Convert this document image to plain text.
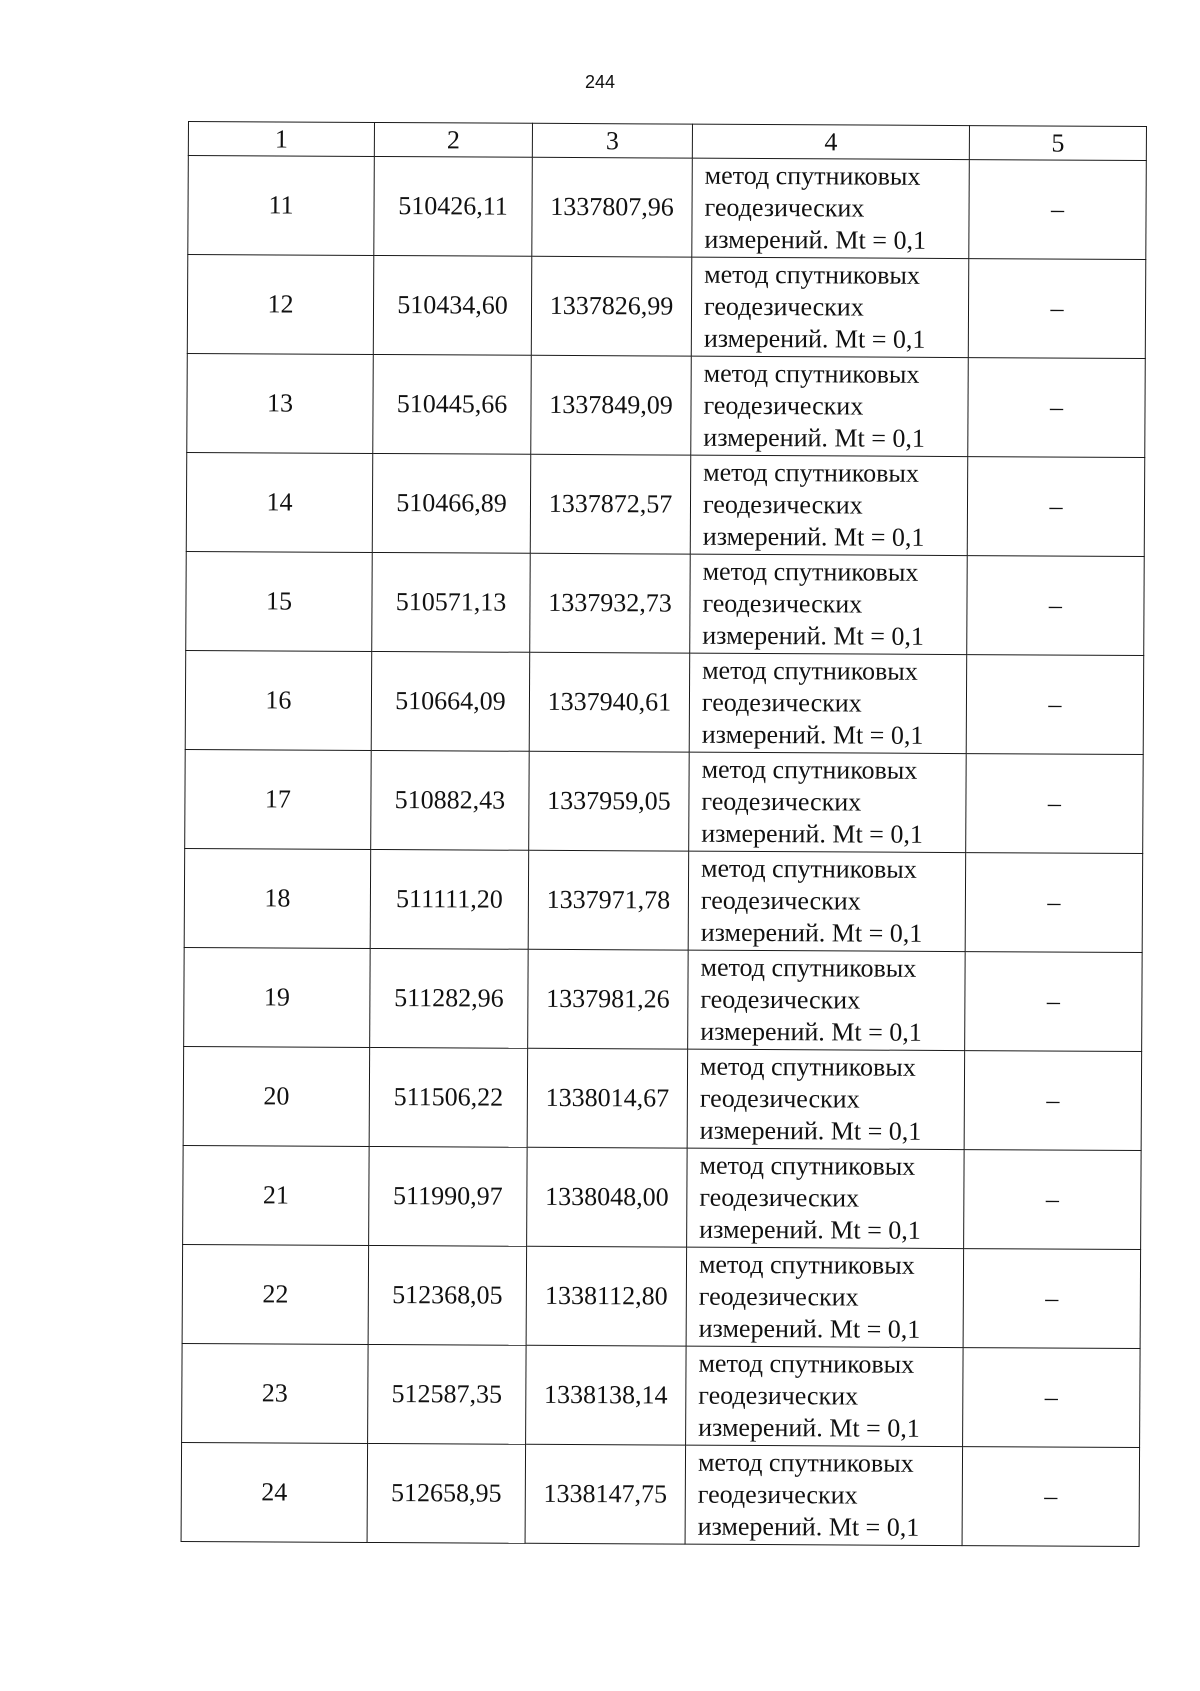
244
1	2	3	4	5
11	510426,11	1337807,96	метод спутниковых
геодезических
измерений. Mt = 0,1	–
12	510434,60	1337826,99	метод спутниковых
геодезических
измерений. Mt = 0,1	–
13	510445,66	1337849,09	метод спутниковых
геодезических
измерений. Mt = 0,1	–
14	510466,89	1337872,57	метод спутниковых
геодезических
измерений. Mt = 0,1	–
15	510571,13	1337932,73	метод спутниковых
геодезических
измерений. Mt = 0,1	–
16	510664,09	1337940,61	метод спутниковых
геодезических
измерений. Mt = 0,1	–
17	510882,43	1337959,05	метод спутниковых
геодезических
измерений. Mt = 0,1	–
18	511111,20	1337971,78	метод спутниковых
геодезических
измерений. Mt = 0,1	–
19	511282,96	1337981,26	метод спутниковых
геодезических
измерений. Mt = 0,1	–
20	511506,22	1338014,67	метод спутниковых
геодезических
измерений. Mt = 0,1	–
21	511990,97	1338048,00	метод спутниковых
геодезических
измерений. Mt = 0,1	–
22	512368,05	1338112,80	метод спутниковых
геодезических
измерений. Mt = 0,1	–
23	512587,35	1338138,14	метод спутниковых
геодезических
измерений. Mt = 0,1	–
24	512658,95	1338147,75	метод спутниковых
геодезических
измерений. Mt = 0,1	–
